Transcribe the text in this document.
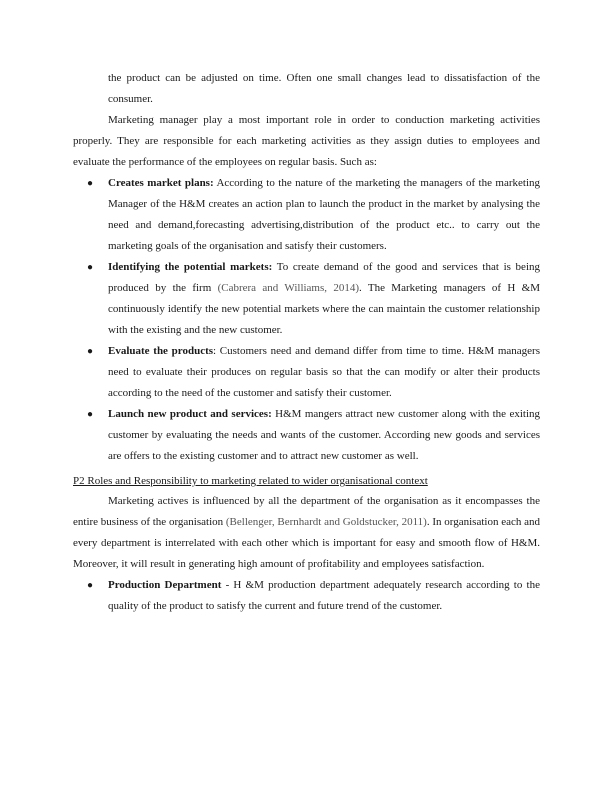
the product can be adjusted on time. Often one small changes lead to dissatisfaction of the consumer.

Marketing manager play a most important role in order to conduction marketing activities properly. They are responsible for each marketing activities as they assign duties to employees and evaluate the performance of the employees on regular basis. Such as:

● Creates market plans: According to the nature of the marketing the managers of the marketing Manager of the H&M creates an action plan to launch the product in the market by analysing the need and demand,forecasting advertising,distribution of the product etc.. to carry out the marketing goals of the organisation and satisfy their customers.
● Identifying the potential markets: To create demand of the good and services that is being produced by the firm (Cabrera and Williams, 2014). The Marketing managers of H &M continuously identify the new potential markets where the can maintain the customer relationship with the existing and the new customer.
● Evaluate the products: Customers need and demand differ from time to time. H&M managers need to evaluate their produces on regular basis so that the can modify or alter their products according to the need of the customer and satisfy their customer.
● Launch new product and services: H&M mangers attract new customer along with the exiting customer by evaluating the needs and wants of the customer. According new goods and services are offers to the existing customer and to attract new customer as well.

P2 Roles and Responsibility to marketing related to wider organisational context

Marketing actives is influenced by all the department of the organisation as it encompasses the entire business of the organisation (Bellenger, Bernhardt and Goldstucker, 2011). In organisation each and every department is interrelated with each other which is important for easy and smooth flow of H&M. Moreover, it will result in generating high amount of profitability and employees satisfaction.

● Production Department - H &M production department adequately research according to the quality of the product to satisfy the current and future trend of the customer.
